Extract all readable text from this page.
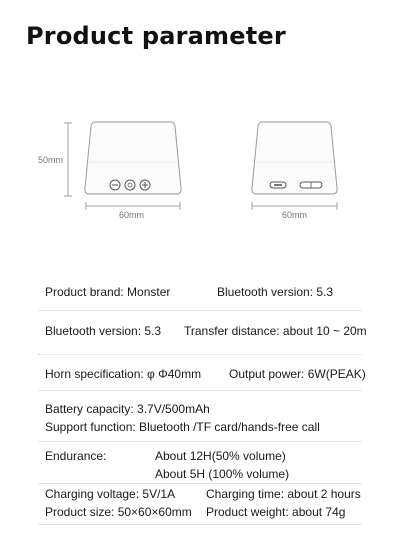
Product parameter
50mm
60mm	60mm
Product brand: Monster	Bluetooth version: 5.3
Bluetooth version: 5.3 Transfer distance: about 10 ~ 20m
Horn specification: φ Φ40mm Output power: 6W(PEAK)
Battery capacity: 3.7V/500mAh
Support function: Bluetooth /TF card/hands-free call
Endurance:	About 12H(50% volume)
About 5H (100% volume)
Charging voltage: 5V/1A	Charging time: about 2 hours
Product size: 50×60×60mm Product weight: about 74g
